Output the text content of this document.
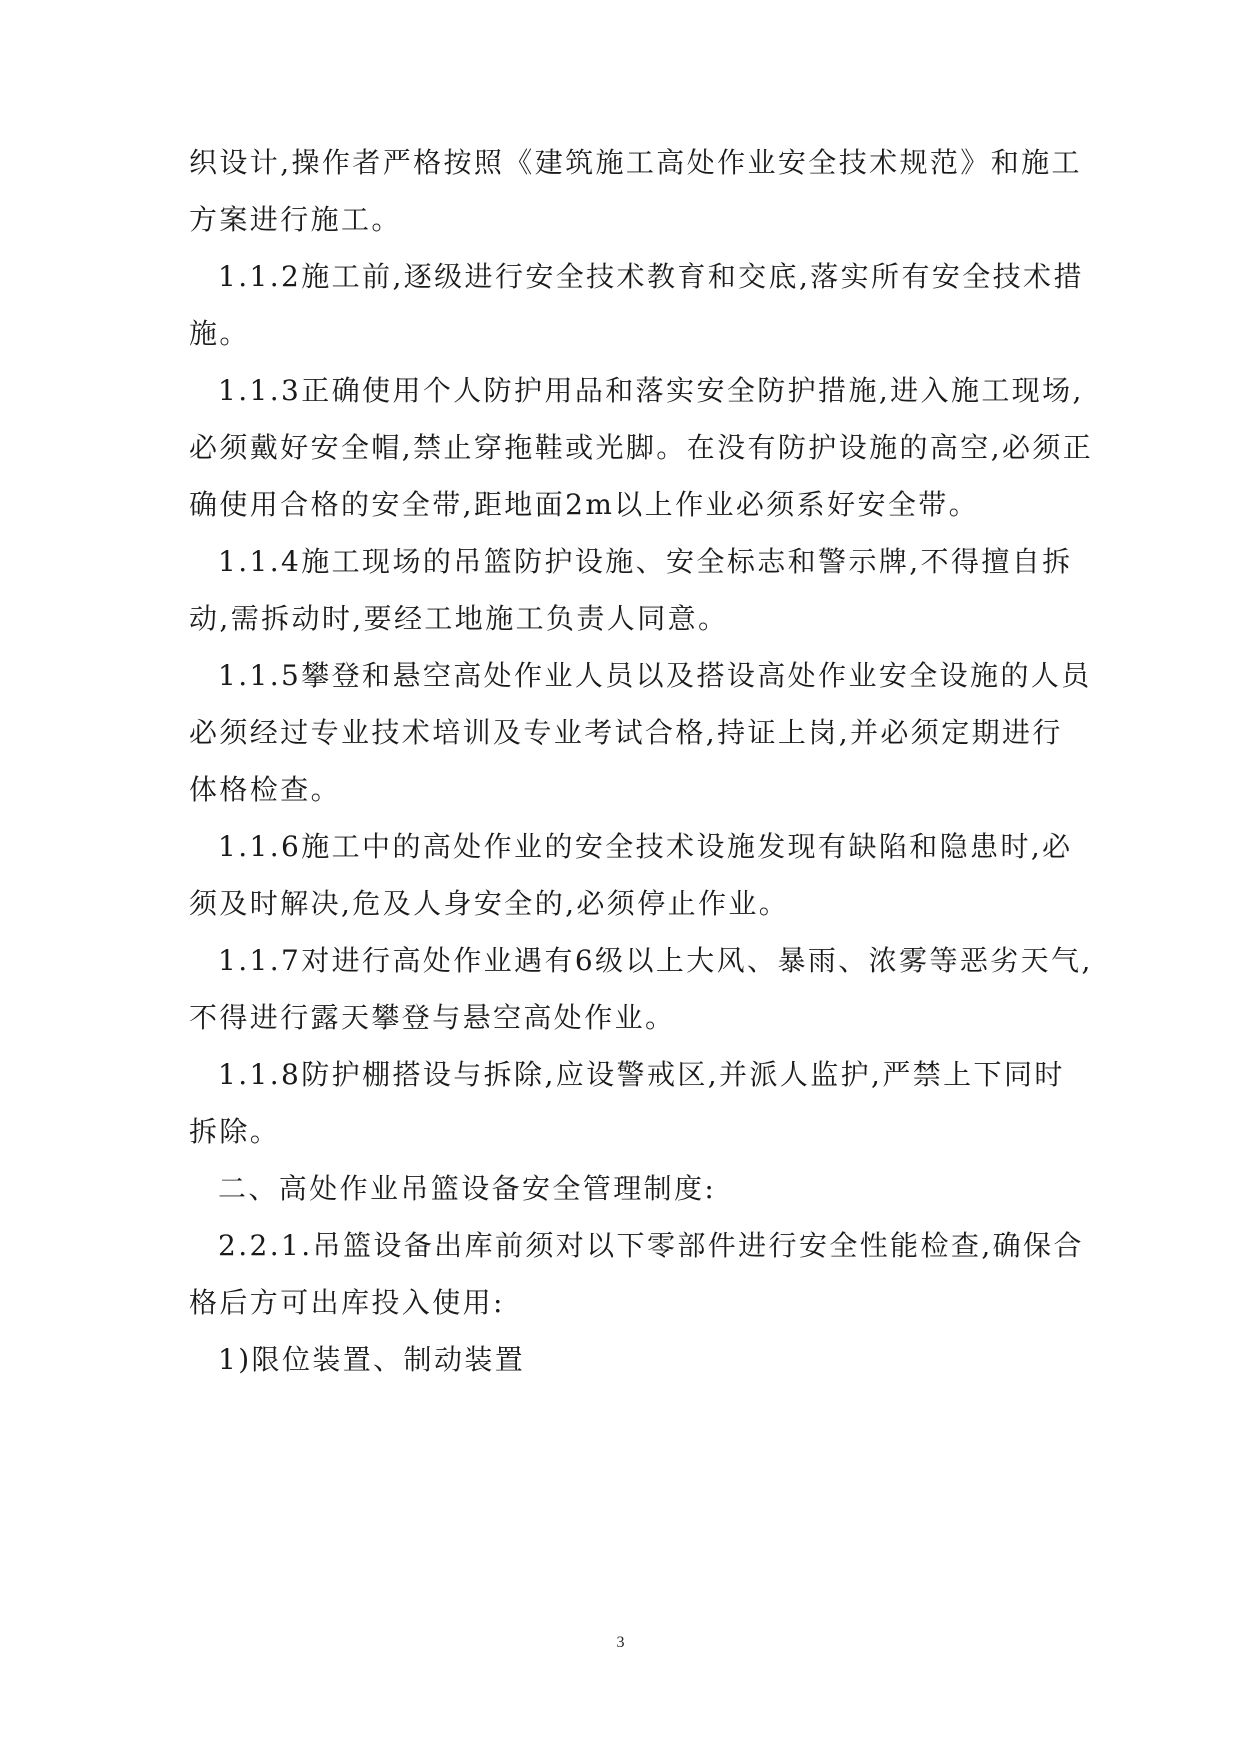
织设计,操作者严格按照《建筑施工高处作业安全技术规范》和施工
方案进行施工。
1.1.2施工前,逐级进行安全技术教育和交底,落实所有安全技术措
施。
1.1.3正确使用个人防护用品和落实安全防护措施,进入施工现场,
必须戴好安全帽,禁止穿拖鞋或光脚。在没有防护设施的高空,必须正
确使用合格的安全带,距地面2m以上作业必须系好安全带。
1.1.4施工现场的吊篮防护设施、安全标志和警示牌,不得擅自拆
动,需拆动时,要经工地施工负责人同意。
1.1.5攀登和悬空高处作业人员以及搭设高处作业安全设施的人员
必须经过专业技术培训及专业考试合格,持证上岗,并必须定期进行
体格检查。
1.1.6施工中的高处作业的安全技术设施发现有缺陷和隐患时,必
须及时解决,危及人身安全的,必须停止作业。
1.1.7对进行高处作业遇有6级以上大风、暴雨、浓雾等恶劣天气,
不得进行露天攀登与悬空高处作业。
1.1.8防护棚搭设与拆除,应设警戒区,并派人监护,严禁上下同时
拆除。
二、高处作业吊篮设备安全管理制度:
2.2.1.吊篮设备出库前须对以下零部件进行安全性能检查,确保合
格后方可出库投入使用:
1)限位装置、制动装置
3
